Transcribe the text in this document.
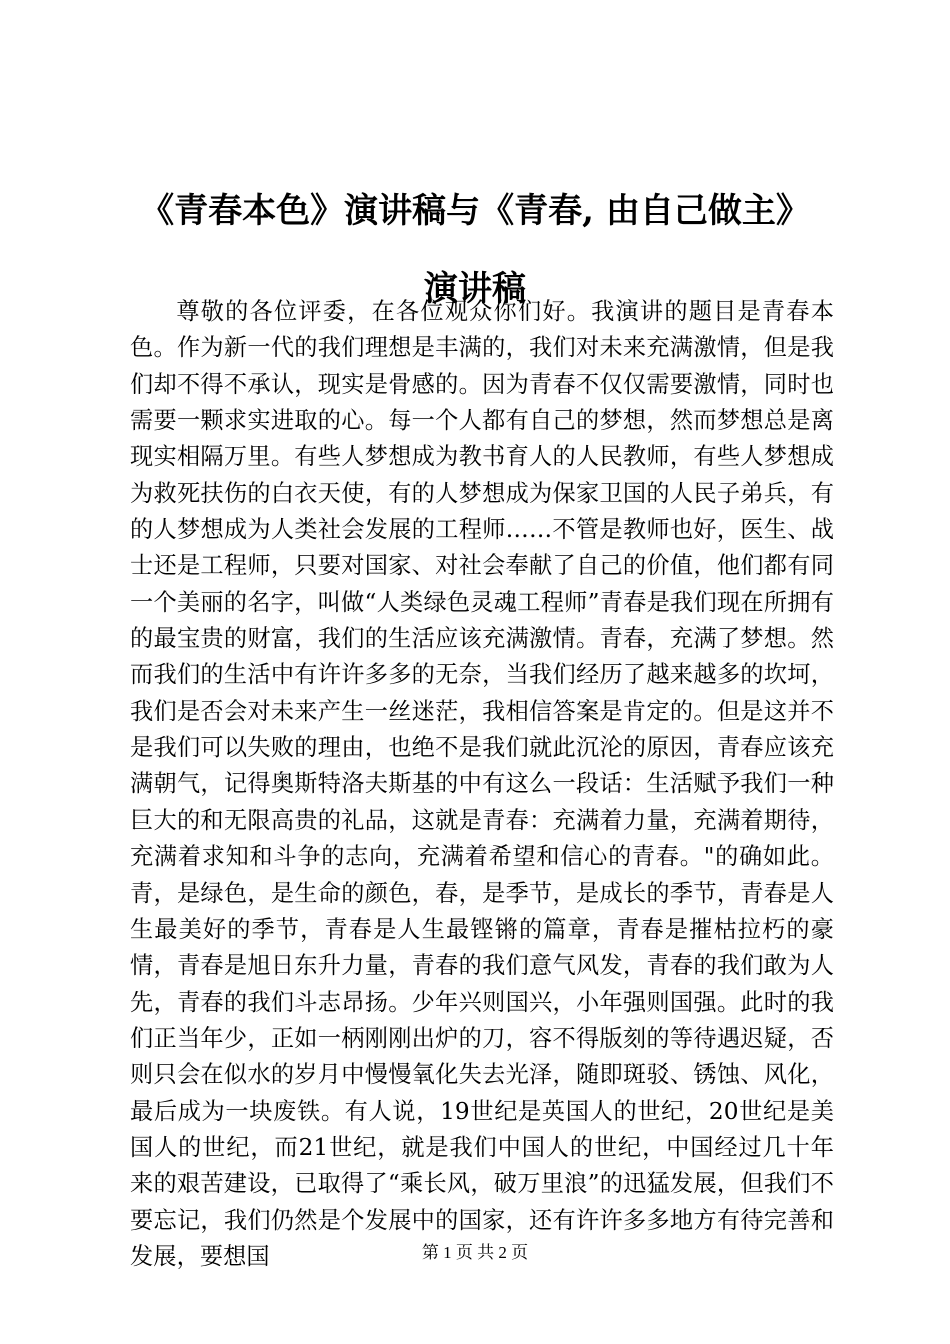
《青春本色》演讲稿与《青春, 由自己做主》
演讲稿

尊敬的各位评委，在各位观众你们好。我演讲的题目是青春本色。作为新一代的我们理想是丰满的，我们对未来充满激情，但是我们却不得不承认，现实是骨感的。因为青春不仅仅需要激情，同时也需要一颗求实进取的心。每一个人都有自己的梦想，然而梦想总是离现实相隔万里。有些人梦想成为教书育人的人民教师，有些人梦想成为救死扶伤的白衣天使，有的人梦想成为保家卫国的人民子弟兵，有的人梦想成为人类社会发展的工程师……不管是教师也好，医生、战士还是工程师，只要对国家、对社会奉献了自己的价值，他们都有同一个美丽的名字，叫做“人类绿色灵魂工程师”青春是我们现在所拥有的最宝贵的财富，我们的生活应该充满激情。青春，充满了梦想。然而我们的生活中有许许多多的无奈，当我们经历了越来越多的坎坷，我们是否会对未来产生一丝迷茫，我相信答案是肯定的。但是这并不是我们可以失败的理由，也绝不是我们就此沉沦的原因，青春应该充满朝气，记得奥斯特洛夫斯基的中有这么一段话：生活赋予我们一种巨大的和无限高贵的礼品，这就是青春：充满着力量，充满着期待，充满着求知和斗争的志向，充满着希望和信心的青春。"的确如此。青，是绿色，是生命的颜色，春，是季节，是成长的季节，青春是人生最美好的季节，青春是人生最铿锵的篇章，青春是摧枯拉朽的豪情，青春是旭日东升力量，青春的我们意气风发，青春的我们敢为人先，青春的我们斗志昂扬。少年兴则国兴，小年强则国强。此时的我们正当年少，正如一柄刚刚出炉的刀，容不得版刻的等待遇迟疑，否则只会在似水的岁月中慢慢氧化失去光泽，随即斑驳、锈蚀、风化，最后成为一块废铁。有人说，19世纪是英国人的世纪，20世纪是美国人的世纪，而21世纪，就是我们中国人的世纪，中国经过几十年来的艰苦建设，已取得了“乘长风，破万里浪”的迅猛发展，但我们不要忘记，我们仍然是个发展中的国家，还有许许多多地方有待完善和发展，要想国	第 1 页 共 2 页
